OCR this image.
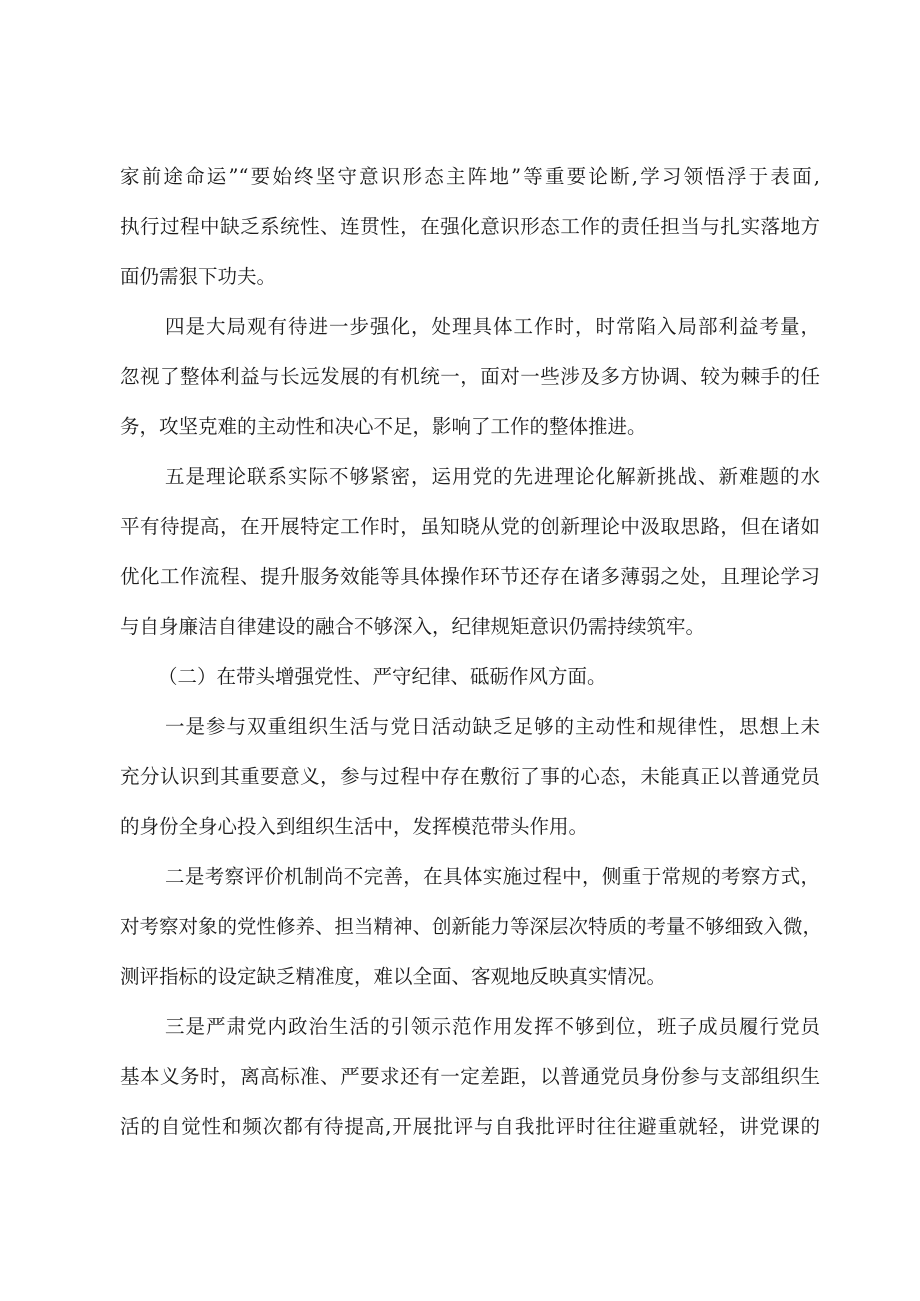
家前途命运”“要始终坚守意识形态主阵地”等重要论断,学习领悟浮于表面,
执行过程中缺乏系统性、连贯性，在强化意识形态工作的责任担当与扎实落地方
面仍需狠下功夫。
四是大局观有待进一步强化，处理具体工作时，时常陷入局部利益考量，
忽视了整体利益与长远发展的有机统一，面对一些涉及多方协调、较为棘手的任
务，攻坚克难的主动性和决心不足，影响了工作的整体推进。
五是理论联系实际不够紧密，运用党的先进理论化解新挑战、新难题的水
平有待提高，在开展特定工作时，虽知晓从党的创新理论中汲取思路，但在诸如
优化工作流程、提升服务效能等具体操作环节还存在诸多薄弱之处，且理论学习
与自身廉洁自律建设的融合不够深入，纪律规矩意识仍需持续筑牢。
（二）在带头增强党性、严守纪律、砥砺作风方面。
一是参与双重组织生活与党日活动缺乏足够的主动性和规律性，思想上未
充分认识到其重要意义，参与过程中存在敷衍了事的心态，未能真正以普通党员
的身份全身心投入到组织生活中，发挥模范带头作用。
二是考察评价机制尚不完善，在具体实施过程中，侧重于常规的考察方式，
对考察对象的党性修养、担当精神、创新能力等深层次特质的考量不够细致入微，
测评指标的设定缺乏精准度，难以全面、客观地反映真实情况。
三是严肃党内政治生活的引领示范作用发挥不够到位，班子成员履行党员
基本义务时，离高标准、严要求还有一定差距，以普通党员身份参与支部组织生
活的自觉性和频次都有待提高,开展批评与自我批评时往往避重就轻，讲党课的
